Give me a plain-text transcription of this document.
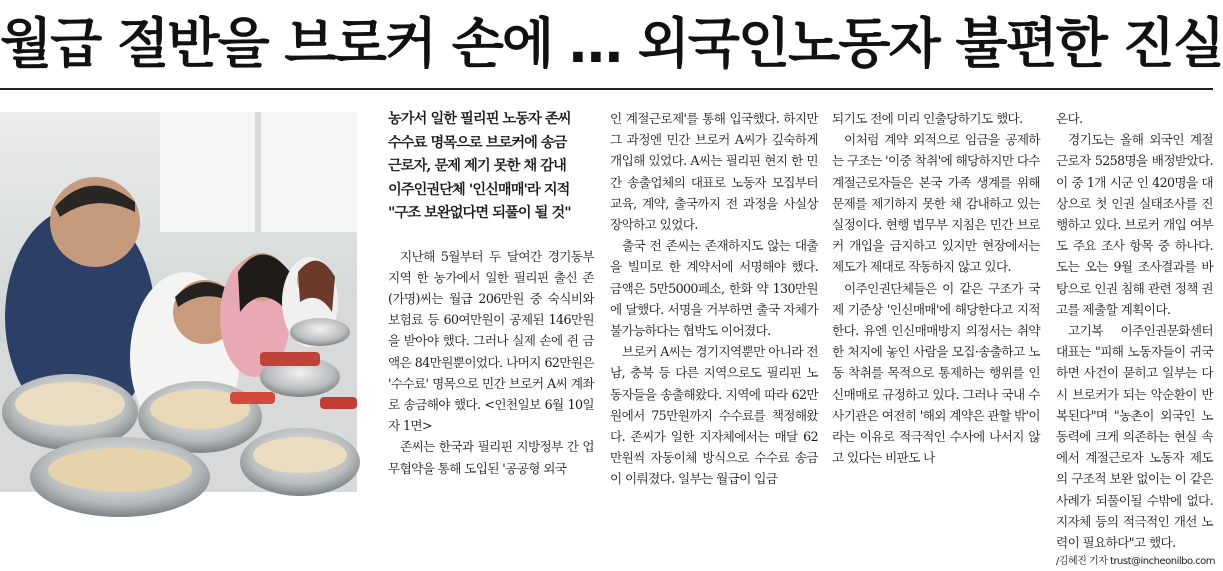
월급 절반을 브로커 손에 … 외국인노동자 불편한 진실
농가서 일한 필리핀 노동자 존씨
수수료 명목으로 브로커에 송금
근로자, 문제 제기 못한 채 감내
이주인권단체 '인신매매'라 지적
"구조 보완없다면 되풀이 될 것"

지난해 5월부터 두 달여간 경기동부 지역 한 농가에서 일한 필리핀 출신 존(가명)씨는 월급 206만원 중 숙식비와 보험료 등 60여만원이 공제된 146만원을 받아야 했다. 그러나 실제 손에 쥔 금액은 84만원뿐이었다. 나머지 62만원은 '수수료' 명목으로 민간 브로커 A씨 계좌로 송금해야 했다. <인천일보 6월 10일자 1면>

존씨는 한국과 필리핀 지방정부 간 업무협약을 통해 도입된 '공공형 외국

인 계절근로제'를 통해 입국했다. 하지만 그 과정엔 민간 브로커 A씨가 깊숙하게 개입해 있었다. A씨는 필리핀 현지 한 민간 송출업체의 대표로 노동자 모집부터 교육, 계약, 출국까지 전 과정을 사실상 장악하고 있었다.

출국 전 존씨는 존재하지도 않는 대출을 빌미로 한 계약서에 서명해야 했다. 금액은 5만5000페소, 한화 약 130만원에 달했다. 서명을 거부하면 출국 자체가 불가능하다는 협박도 이어졌다.

브로커 A씨는 경기지역뿐만 아니라 전남, 충북 등 다른 지역으로도 필리핀 노동자들을 송출해왔다. 지역에 따라 62만원에서 75만원까지 수수료를 책정해왔다. 존씨가 일한 지자체에서는 매달 62만원씩 자동이체 방식으로 수수료 송금이 이뤄졌다. 일부는 월급이 입금

되기도 전에 미리 인출당하기도 했다.

이처럼 계약 외적으로 임금을 공제하는 구조는 '이중 착취'에 해당하지만 다수 계절근로자들은 본국 가족 생계를 위해 문제를 제기하지 못한 채 감내하고 있는 실정이다. 현행 법무부 지침은 민간 브로커 개입을 금지하고 있지만 현장에서는 제도가 제대로 작동하지 않고 있다.

이주인권단체들은 이 같은 구조가 국제 기준상 '인신매매'에 해당한다고 지적한다. 유엔 인신매매방지 의정서는 취약한 처지에 놓인 사람을 모집·송출하고 노동 착취를 목적으로 통제하는 행위를 인신매매로 규정하고 있다. 그러나 국내 수사기관은 여전히 '해외 계약은 관할 밖'이라는 이유로 적극적인 수사에 나서지 않고 있다는 비판도 나

온다.

경기도는 올해 외국인 계절근로자 5258명을 배정받았다. 이 중 1개 시군 인 420명을 대상으로 첫 인권 실태조사를 진행하고 있다. 브로커 개입 여부도 주요 조사 항목 중 하나다. 도는 오는 9월 조사결과를 바탕으로 인권 침해 관련 정책 권고를 제출할 계획이다.

고기복 이주인권문화센터 대표는 "피해 노동자들이 귀국하면 사건이 묻히고 일부는 다시 브로커가 되는 악순환이 반복된다"며 "농촌이 외국인 노동력에 크게 의존하는 현실 속에서 계절근로자 노동자 제도의 구조적 보완 없이는 이 같은 사례가 되풀이될 수밖에 없다. 지자체 등의 적극적인 개선 노력이 필요하다"고 했다.

/김혜진 기자 trust@incheonilbo.com
